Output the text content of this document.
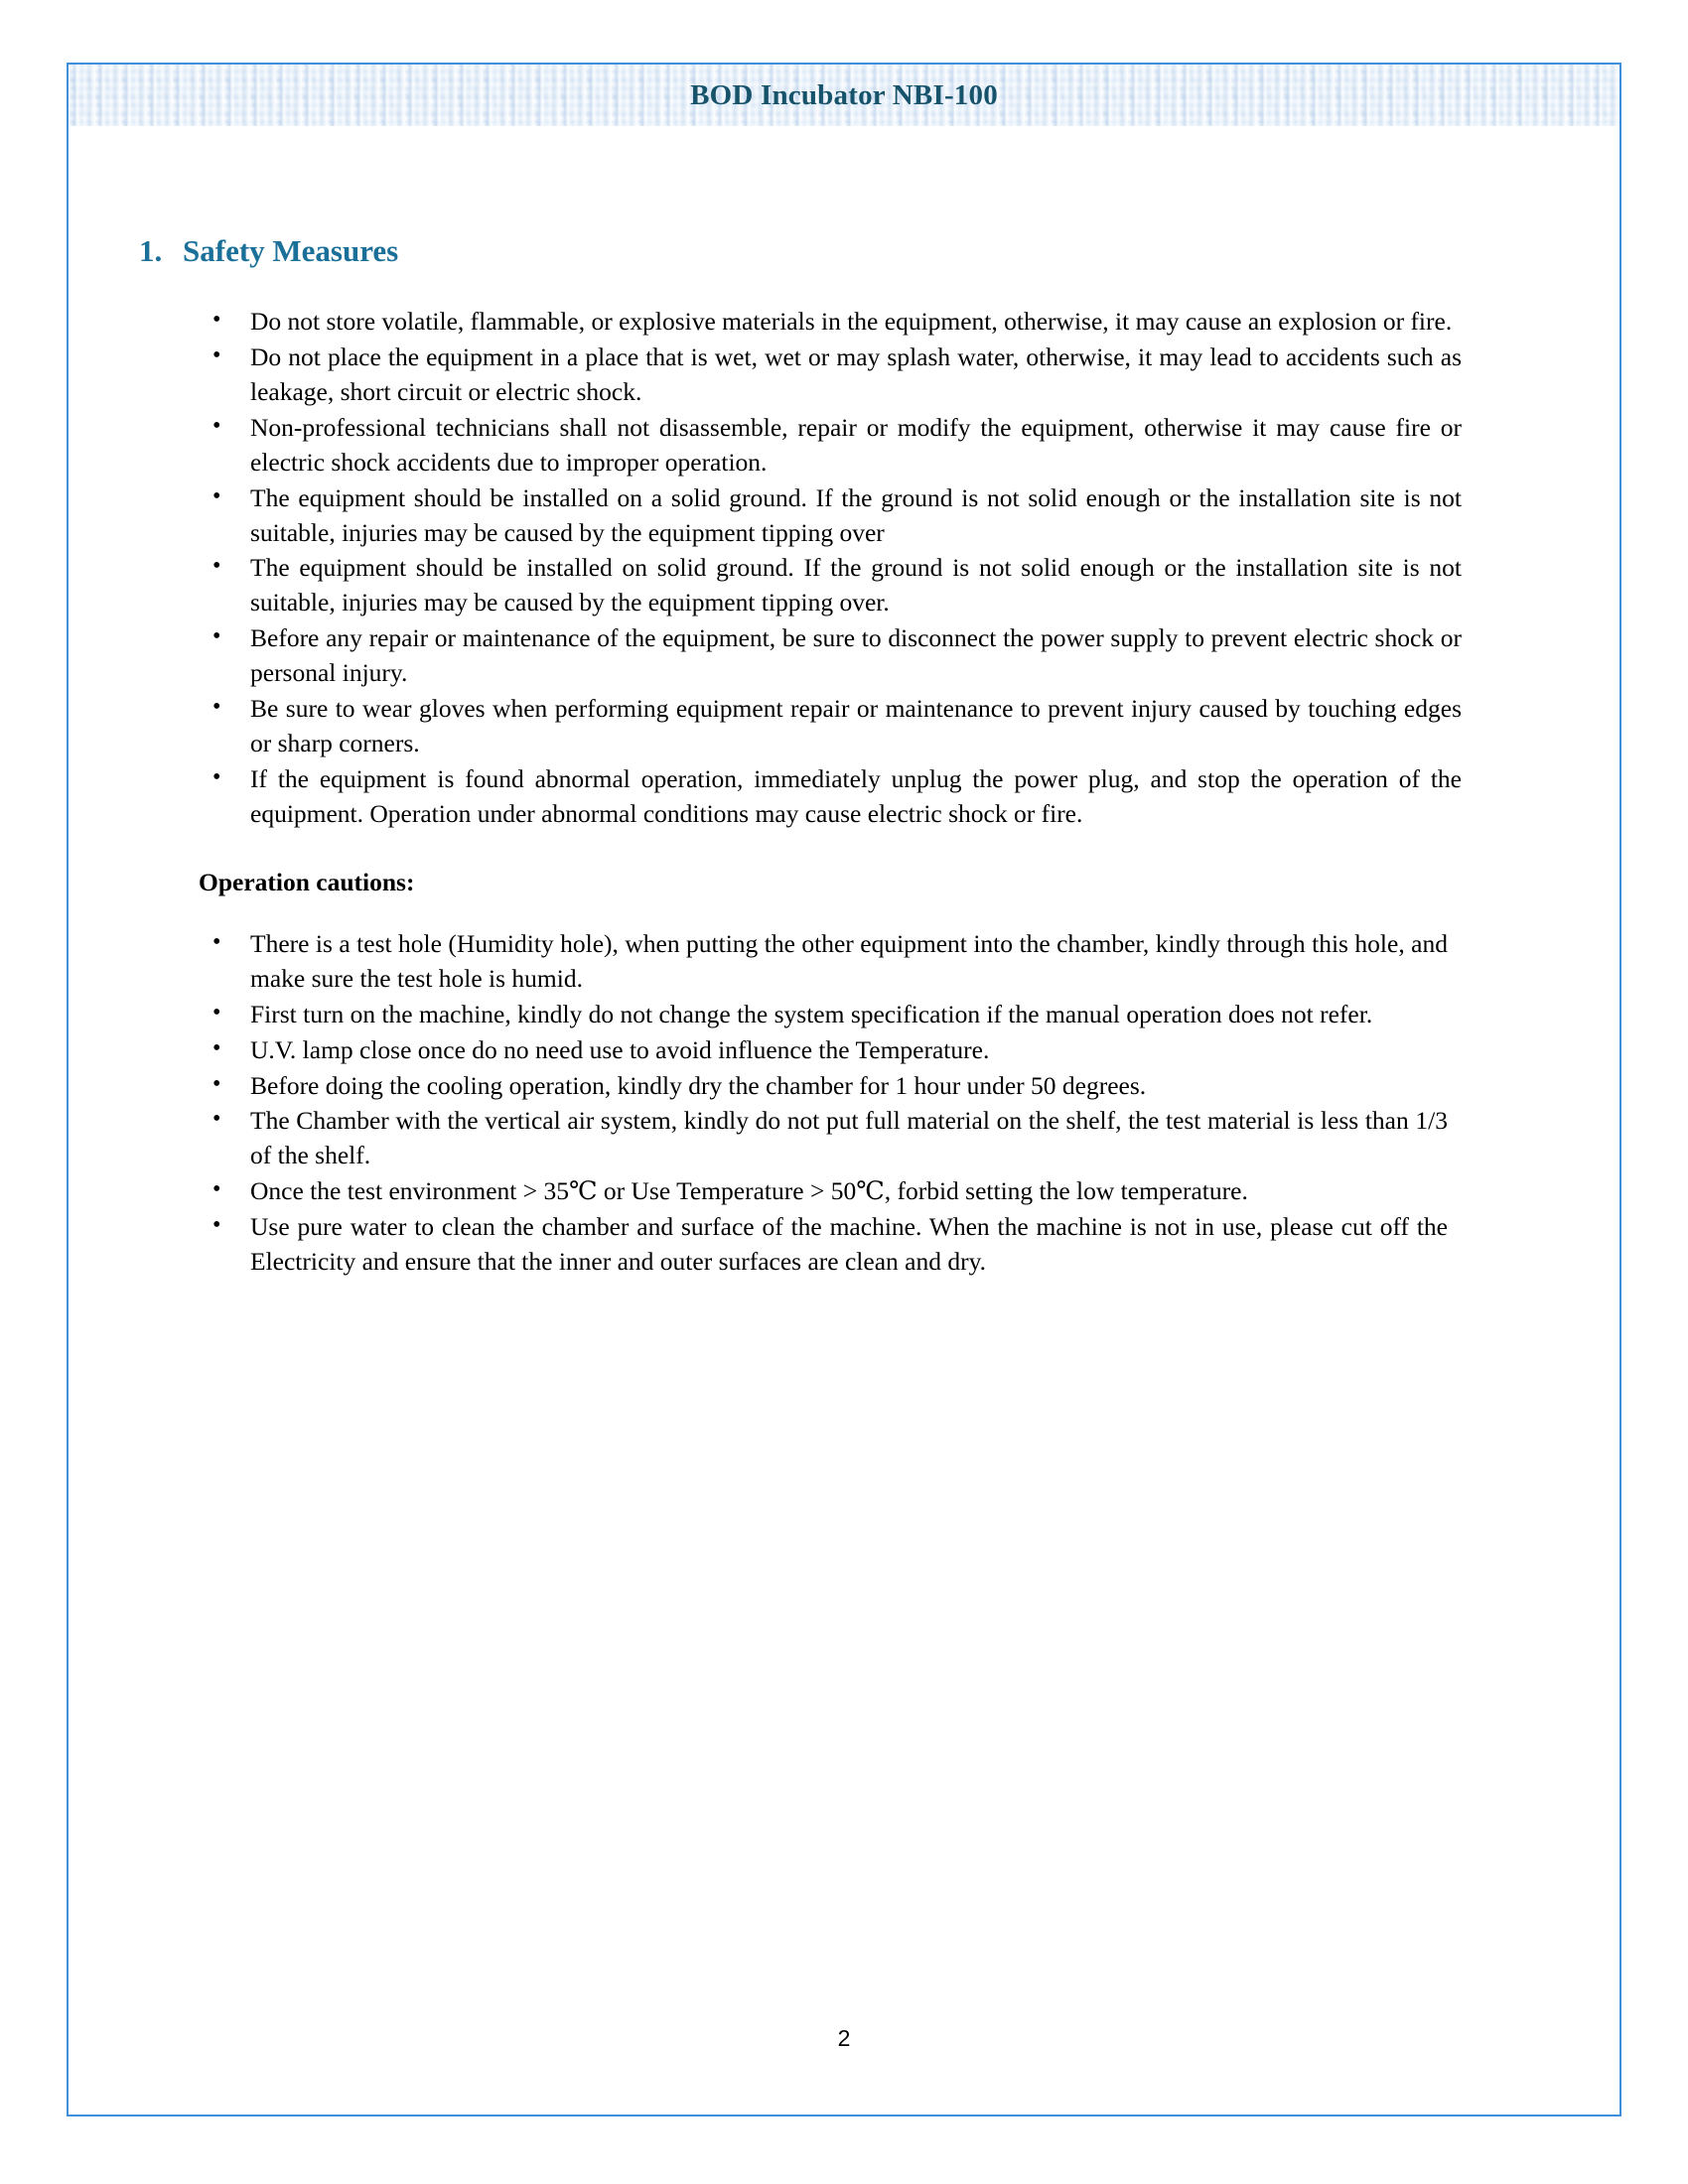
BOD Incubator NBI-100
1. Safety Measures
• Do not store volatile, flammable, or explosive materials in the equipment, otherwise, it may cause an explosion or fire.
• Do not place the equipment in a place that is wet, wet or may splash water, otherwise, it may lead to accidents such as leakage, short circuit or electric shock.
• Non-professional technicians shall not disassemble, repair or modify the equipment, otherwise it may cause fire or electric shock accidents due to improper operation.
• The equipment should be installed on a solid ground. If the ground is not solid enough or the installation site is not suitable, injuries may be caused by the equipment tipping over
• The equipment should be installed on solid ground. If the ground is not solid enough or the installation site is not suitable, injuries may be caused by the equipment tipping over.
• Before any repair or maintenance of the equipment, be sure to disconnect the power supply to prevent electric shock or personal injury.
• Be sure to wear gloves when performing equipment repair or maintenance to prevent injury caused by touching edges or sharp corners.
• If the equipment is found abnormal operation, immediately unplug the power plug, and stop the operation of the equipment. Operation under abnormal conditions may cause electric shock or fire.
Operation cautions:
• There is a test hole (Humidity hole), when putting the other equipment into the chamber, kindly through this hole, and make sure the test hole is humid.
• First turn on the machine, kindly do not change the system specification if the manual operation does not refer.
• U.V. lamp close once do no need use to avoid influence the Temperature.
• Before doing the cooling operation, kindly dry the chamber for 1 hour under 50 degrees.
• The Chamber with the vertical air system, kindly do not put full material on the shelf, the test material is less than 1/3 of the shelf.
• Once the test environment > 35℃ or Use Temperature > 50℃, forbid setting the low temperature.
• Use pure water to clean the chamber and surface of the machine. When the machine is not in use, please cut off the Electricity and ensure that the inner and outer surfaces are clean and dry.
2
